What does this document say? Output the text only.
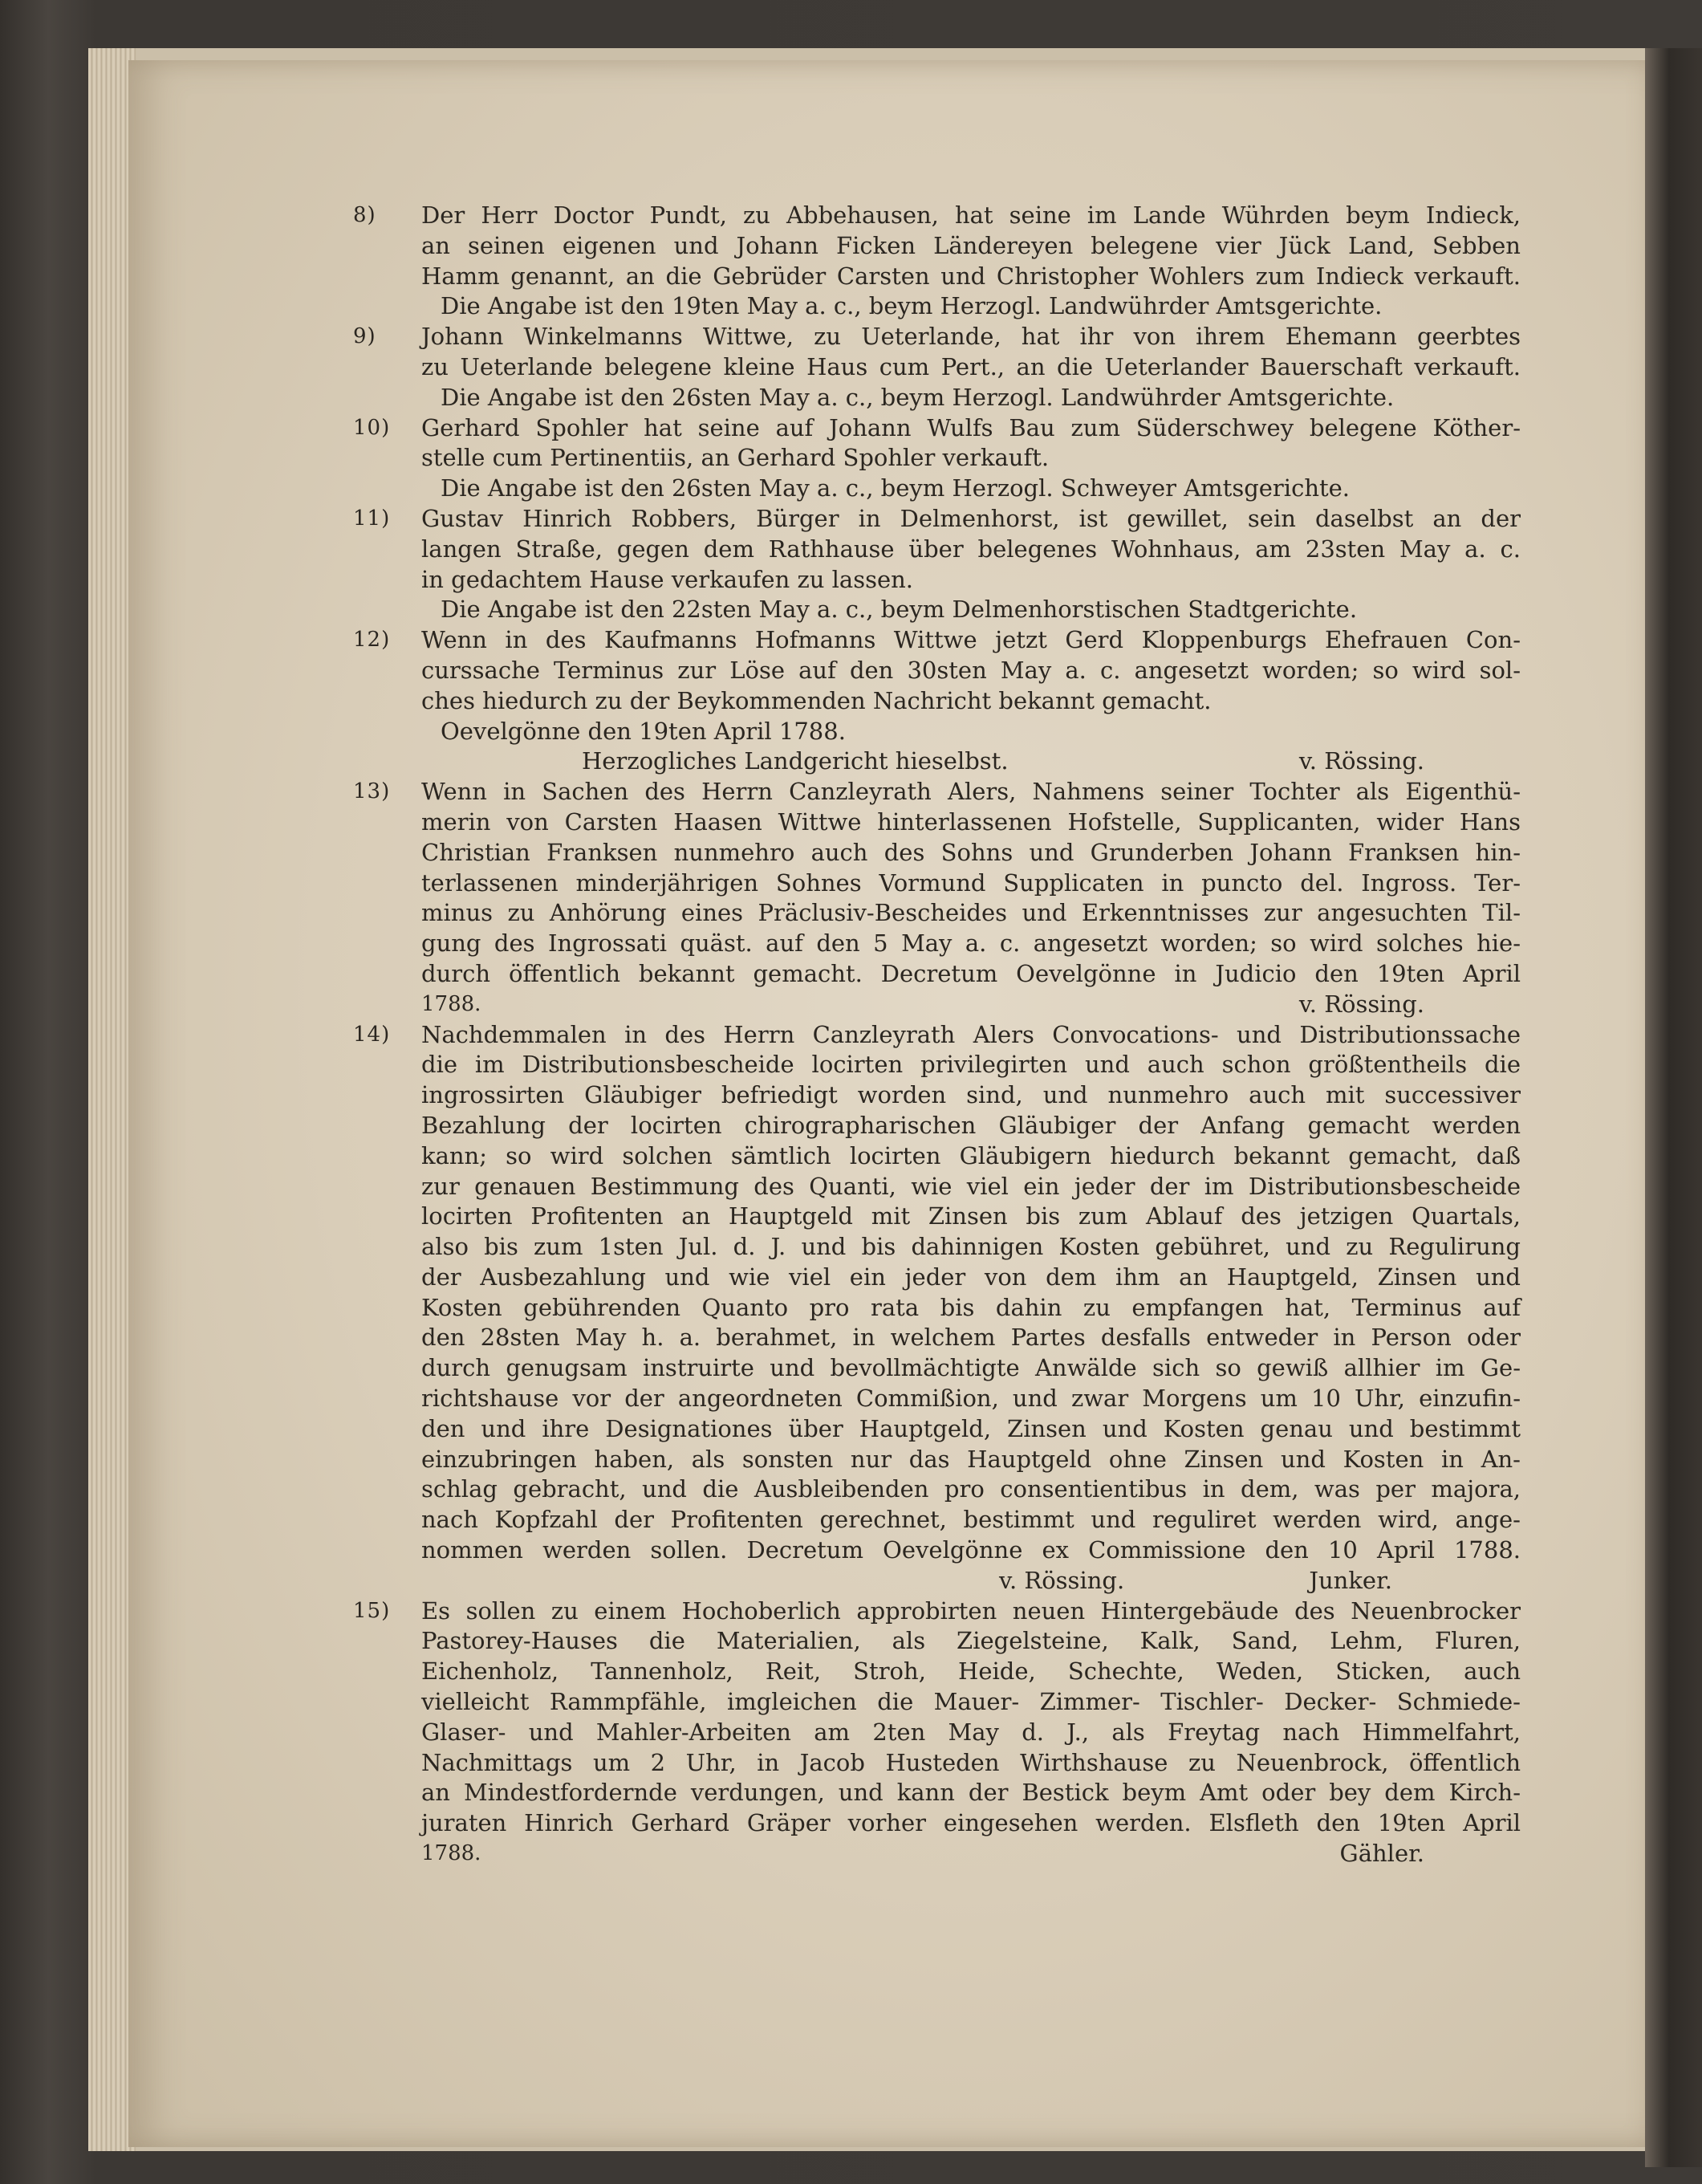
8)	Der Herr Doctor Pundt, zu Abbehausen, hat seine im Lande Wührden beym Indieck,
an seinen eigenen und Johann Ficken Ländereyen belegene vier Jück Land, Sebben
Hamm genannt, an die Gebrüder Carsten und Christopher Wohlers zum Indieck verkauft.
Die Angabe ist den 19ten May a. c., beym Herzogl. Landwührder Amtsgerichte.
9)	Johann Winkelmanns Wittwe, zu Ueterlande, hat ihr von ihrem Ehemann geerbtes
zu Ueterlande belegene kleine Haus cum Pert., an die Ueterlander Bauerschaft verkauft.
Die Angabe ist den 26sten May a. c., beym Herzogl. Landwührder Amtsgerichte.
10)	Gerhard Spohler hat seine auf Johann Wulfs Bau zum Süderschwey belegene Köther-
stelle cum Pertinentiis, an Gerhard Spohler verkauft.
Die Angabe ist den 26sten May a. c., beym Herzogl. Schweyer Amtsgerichte.
11)	Gustav Hinrich Robbers, Bürger in Delmenhorst, ist gewillet, sein daselbst an der
langen Straße, gegen dem Rathhause über belegenes Wohnhaus, am 23sten May a. c.
in gedachtem Hause verkaufen zu lassen.
Die Angabe ist den 22sten May a. c., beym Delmenhorstischen Stadtgerichte.
12)	Wenn in des Kaufmanns Hofmanns Wittwe jetzt Gerd Kloppenburgs Ehefrauen Con-
curssache Terminus zur Löse auf den 30sten May a. c. angesetzt worden; so wird sol-
ches hiedurch zu der Beykommenden Nachricht bekannt gemacht.
Oevelgönne den 19ten April 1788.
Herzogliches Landgericht hieselbst.	v. Rössing.
13)	Wenn in Sachen des Herrn Canzleyrath Alers, Nahmens seiner Tochter als Eigenthü-
merin von Carsten Haasen Wittwe hinterlassenen Hofstelle, Supplicanten, wider Hans
Christian Franksen nunmehro auch des Sohns und Grunderben Johann Franksen hin-
terlassenen minderjährigen Sohnes Vormund Supplicaten in puncto del. Ingross. Ter-
minus zu Anhörung eines Präclusiv-Bescheides und Erkenntnisses zur angesuchten Til-
gung des Ingrossati quäst. auf den 5 May a. c. angesetzt worden; so wird solches hie-
durch öffentlich bekannt gemacht. Decretum Oevelgönne in Judicio den 19ten April
1788.	v. Rössing.
14)	Nachdemmalen in des Herrn Canzleyrath Alers Convocations- und Distributionssache
die im Distributionsbescheide locirten privilegirten und auch schon größtentheils die
ingrossirten Gläubiger befriedigt worden sind, und nunmehro auch mit successiver
Bezahlung der locirten chirographarischen Gläubiger der Anfang gemacht werden
kann; so wird solchen sämtlich locirten Gläubigern hiedurch bekannt gemacht, daß
zur genauen Bestimmung des Quanti, wie viel ein jeder der im Distributionsbescheide
locirten Profitenten an Hauptgeld mit Zinsen bis zum Ablauf des jetzigen Quartals,
also bis zum 1sten Jul. d. J. und bis dahinnigen Kosten gebühret, und zu Regulirung
der Ausbezahlung und wie viel ein jeder von dem ihm an Hauptgeld, Zinsen und
Kosten gebührenden Quanto pro rata bis dahin zu empfangen hat, Terminus auf
den 28sten May h. a. berahmet, in welchem Partes desfalls entweder in Person oder
durch genugsam instruirte und bevollmächtigte Anwälde sich so gewiß allhier im Ge-
richtshause vor der angeordneten Commißion, und zwar Morgens um 10 Uhr, einzufin-
den und ihre Designationes über Hauptgeld, Zinsen und Kosten genau und bestimmt
einzubringen haben, als sonsten nur das Hauptgeld ohne Zinsen und Kosten in An-
schlag gebracht, und die Ausbleibenden pro consentientibus in dem, was per majora,
nach Kopfzahl der Profitenten gerechnet, bestimmt und reguliret werden wird, ange-
nommen werden sollen. Decretum Oevelgönne ex Commissione den 10 April 1788.
v. Rössing.	Junker.
15)	Es sollen zu einem Hochoberlich approbirten neuen Hintergebäude des Neuenbrocker
Pastorey-Hauses die Materialien, als Ziegelsteine, Kalk, Sand, Lehm, Fluren,
Eichenholz, Tannenholz, Reit, Stroh, Heide, Schechte, Weden, Sticken, auch
vielleicht Rammpfähle, imgleichen die Mauer- Zimmer- Tischler- Decker- Schmiede-
Glaser- und Mahler-Arbeiten am 2ten May d. J., als Freytag nach Himmelfahrt,
Nachmittags um 2 Uhr, in Jacob Husteden Wirthshause zu Neuenbrock, öffentlich
an Mindestfordernde verdungen, und kann der Bestick beym Amt oder bey dem Kirch-
juraten Hinrich Gerhard Gräper vorher eingesehen werden. Elsfleth den 19ten April
1788.	Gähler.
